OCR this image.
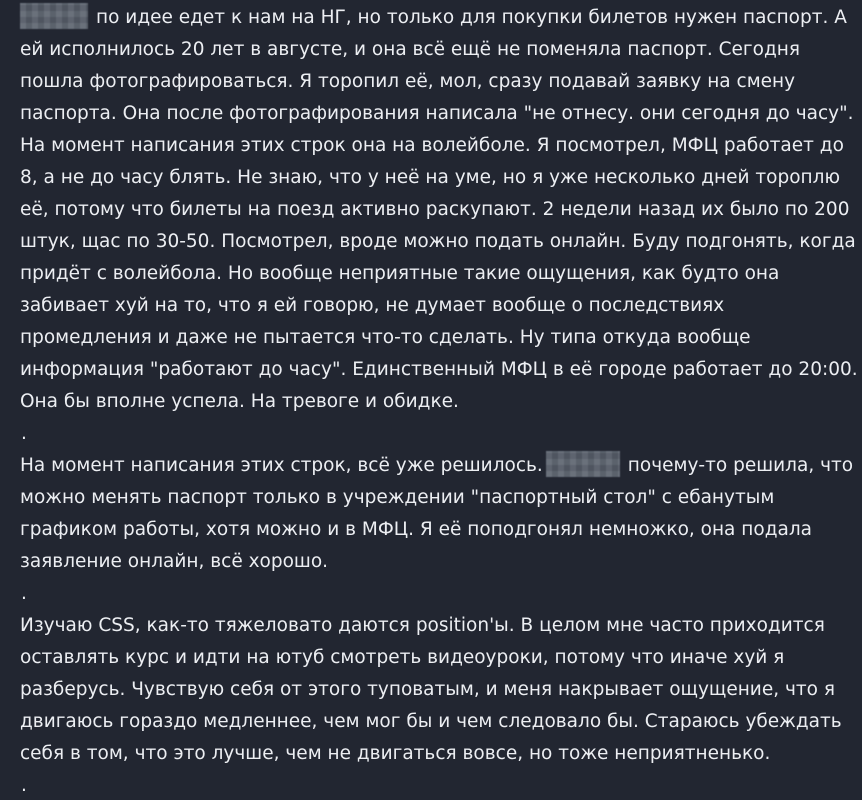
по идее едет к нам на НГ, но только для покупки билетов нужен паспорт. А
ей исполнилось 20 лет в августе, и она всё ещё не поменяла паспорт. Сегодня
пошла фотографироваться. Я торопил её, мол, сразу подавай заявку на смену
паспорта. Она после фотографирования написала "не отнесу. они сегодня до часу".
На момент написания этих строк она на волейболе. Я посмотрел, МФЦ работает до
8, а не до часу блять. Не знаю, что у неё на уме, но я уже несколько дней тороплю
её, потому что билеты на поезд активно раскупают. 2 недели назад их было по 200
штук, щас по 30-50. Посмотрел, вроде можно подать онлайн. Буду подгонять, когда
придёт с волейбола. Но вообще неприятные такие ощущения, как будто она
забивает хуй на то, что я ей говорю, не думает вообще о последствиях
промедления и даже не пытается что-то сделать. Ну типа откуда вообще
информация "работают до часу". Единственный МФЦ в её городе работает до 20:00.
Она бы вполне успела. На тревоге и обидке.
.
На момент написания этих строк, всё уже решилось.	почему-то решила, что
можно менять паспорт только в учреждении "паспортный стол" с ебанутым
графиком работы, хотя можно и в МФЦ. Я её поподгонял немножко, она подала
заявление онлайн, всё хорошо.
.
Изучаю CSS, как-то тяжеловато даются position'ы. В целом мне часто приходится
оставлять курс и идти на ютуб смотреть видеоуроки, потому что иначе хуй я
разберусь. Чувствую себя от этого туповатым, и меня накрывает ощущение, что я
двигаюсь гораздо медленнее, чем мог бы и чем следовало бы. Стараюсь убеждать
себя в том, что это лучше, чем не двигаться вовсе, но тоже неприятненько.
.
